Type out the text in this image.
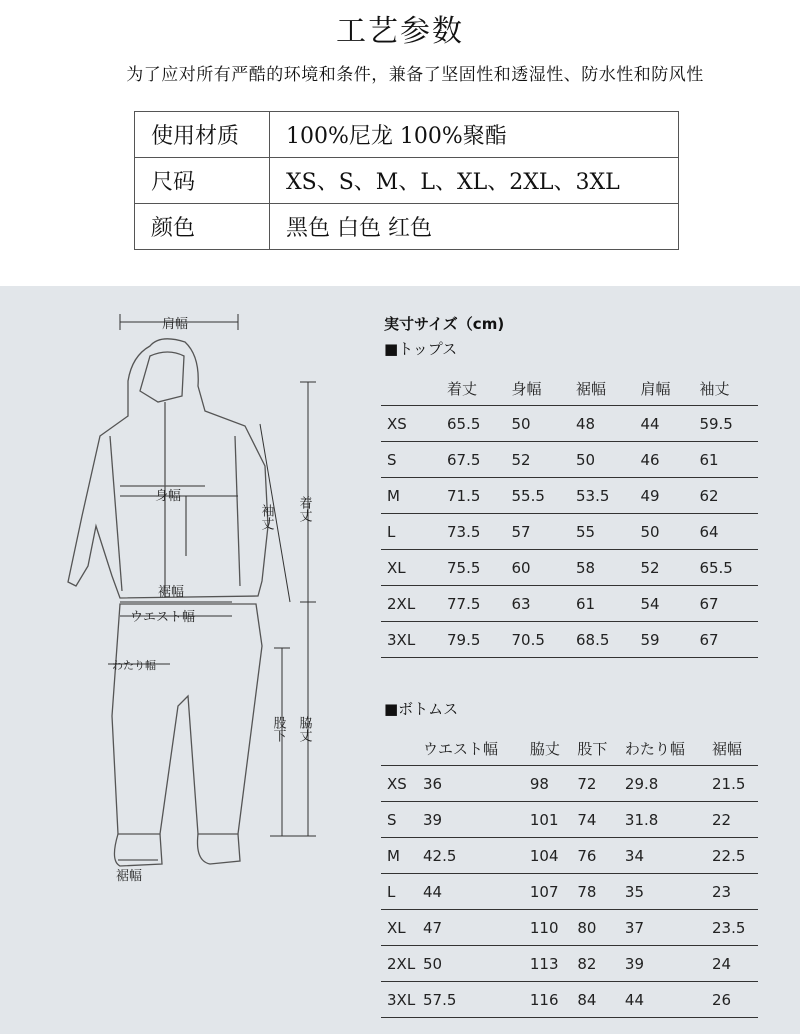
工艺参数
为了应对所有严酷的环境和条件，兼备了坚固性和透湿性、防水性和防风性
使用材质	100%尼龙 100%聚酯
尺码	XS、S、M、L、XL、2XL、3XL
颜色	黑色 白色 红色
肩幅
身幅
裾幅
ウエスト幅
わたり幅
袖丈 着丈
股下 脇丈
裾幅
実寸サイズ（cm)
■トップス
	着丈	身幅	裾幅	肩幅	袖丈
XS	65.5	50	48	44	59.5
S	67.5	52	50	46	61
M	71.5	55.5	53.5	49	62
L	73.5	57	55	50	64
XL	75.5	60	58	52	65.5
2XL	77.5	63	61	54	67
3XL	79.5	70.5	68.5	59	67
■ボトムス
	ウエスト幅	脇丈	股下	わたり幅	裾幅
XS	36	98	72	29.8	21.5
S	39	101	74	31.8	22
M	42.5	104	76	34	22.5
L	44	107	78	35	23
XL	47	110	80	37	23.5
2XL	50	113	82	39	24
3XL	57.5	116	84	44	26
